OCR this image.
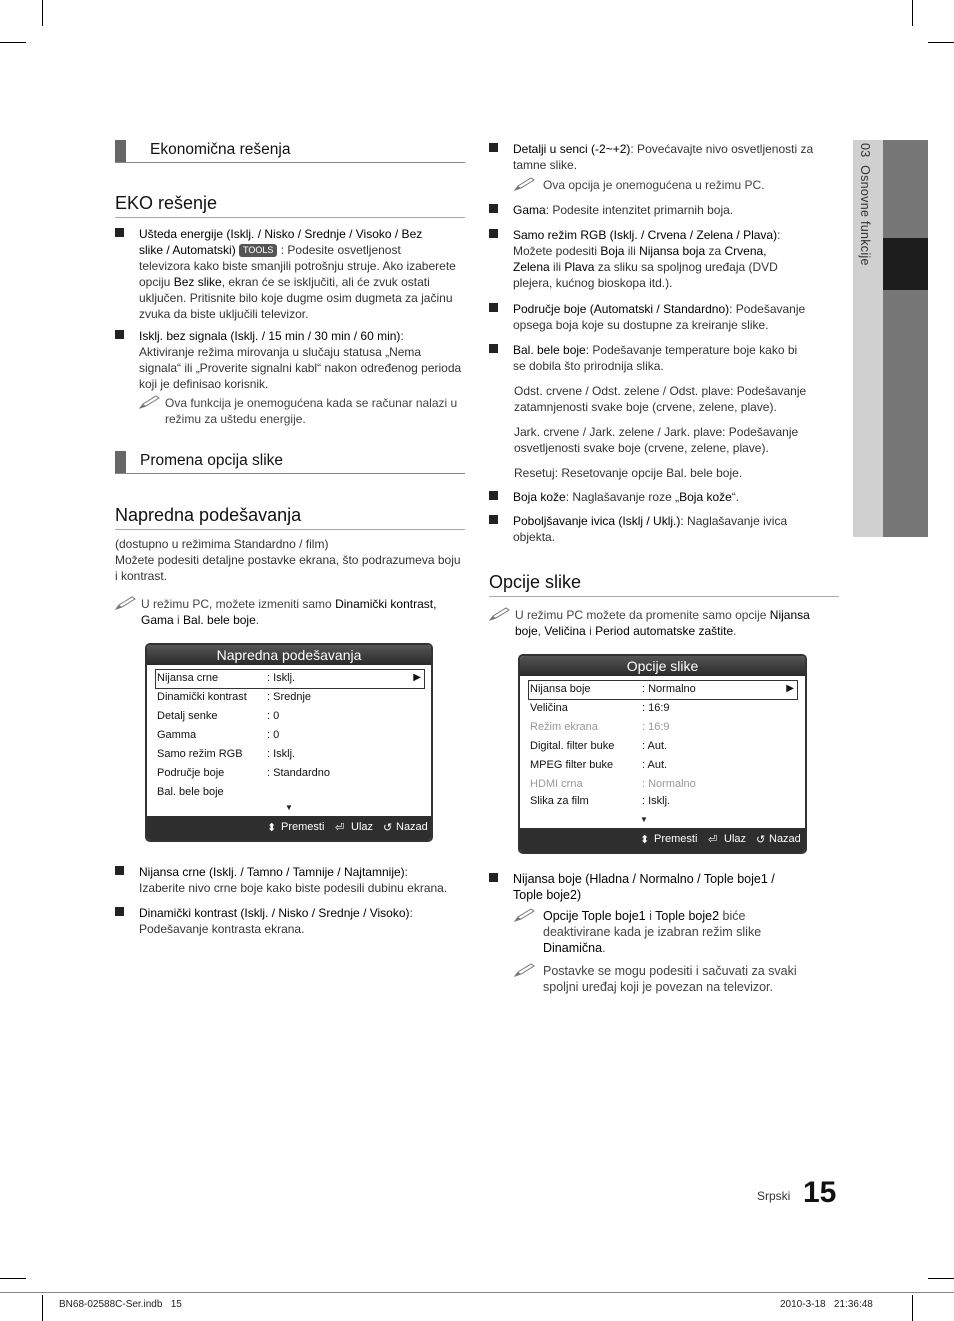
03  Osnovne funkcije
Ekonomična rešenja
EKO rešenje
Ušteda energije (Isklj. / Nisko / Srednje / Visoko / Bez
slike / Automatski) TOOLS : Podesite osvetljenost
televizora kako biste smanjili potrošnju struje. Ako izaberete
opciju Bez slike, ekran će se isključiti, ali će zvuk ostati
uključen. Pritisnite bilo koje dugme osim dugmeta za jačinu
zvuka da biste uključili televizor.
Isklj. bez signala (Isklj. / 15 min / 30 min / 60 min):
Aktiviranje režima mirovanja u slučaju statusa „Nema
signala“ ili „Proverite signalni kabl“ nakon određenog perioda
koji je definisao korisnik.
Ova funkcija je onemogućena kada se računar nalazi u
režimu za uštedu energije.
Promena opcija slike
Napredna podešavanja
(dostupno u režimima Standardno / film)
Možete podesiti detaljne postavke ekrana, što podrazumeva boju
i kontrast.
U režimu PC, možete izmeniti samo Dinamički kontrast,
Gama i Bal. bele boje.
Napredna podešavanja
Nijansa crne	: Isklj.	▶
Dinamički kontrast : Srednje
Detalj senke	: 0
Gamma	: 0
Samo režim RGB : Isklj.
Područje boje	: Standardno
Bal. bele boje
▼
⬍ Premesti ⏎ Ulaz ↺ Nazad
Nijansa crne (Isklj. / Tamno / Tamnije / Najtamnije):
Izaberite nivo crne boje kako biste podesili dubinu ekrana.
Dinamički kontrast (Isklj. / Nisko / Srednje / Visoko):
Podešavanje kontrasta ekrana.
Detalji u senci (-2~+2): Povećavajte nivo osvetljenosti za
tamne slike.
Gama: Podesite intenzitet primarnih boja.
Samo režim RGB (Isklj. / Crvena / Zelena / Plava):
Možete podesiti Boja ili Nijansa boja za Crvena,
Zelena ili Plava za sliku sa spoljnog uređaja (DVD
plejera, kućnog bioskopa itd.).
Područje boje (Automatski / Standardno): Podešavanje
opsega boja koje su dostupne za kreiranje slike.
Bal. bele boje: Podešavanje temperature boje kako bi
se dobila što prirodnija slika.
Boja kože: Naglašavanje roze „Boja kože“.
Poboljšavanje ivica (Isklj / Uklj.): Naglašavanje ivica
objekta.
Ova opcija je onemogućena u režimu PC.
Odst. crvene / Odst. zelene / Odst. plave: Podešavanje
zatamnjenosti svake boje (crvene, zelene, plave).
Jark. crvene / Jark. zelene / Jark. plave: Podešavanje
osvetljenosti svake boje (crvene, zelene, plave).
Resetuj: Resetovanje opcije Bal. bele boje.
Opcije slike
U režimu PC možete da promenite samo opcije Nijansa
boje, Veličina i Period automatske zaštite.
Opcije slike
Nijansa boje	: Normalno	▶
Veličina	: 16:9
Režim ekrana	: 16:9
Digital. filter buke	: Aut.
MPEG filter buke	: Aut.
HDMI crna	: Normalno
Slika za film	: Isklj.
▼
⬍ Premesti ⏎ Ulaz ↺ Nazad
Nijansa boje (Hladna / Normalno / Tople boje1 /
Tople boje2)
Opcije Tople boje1 i Tople boje2 biće
deaktivirane kada je izabran režim slike
Dinamična.
Postavke se mogu podesiti i sačuvati za svaki
spoljni uređaj koji je povezan na televizor.
Srpski 15
BN68-02588C-Ser.indb   15	2010-3-18   21:36:48
